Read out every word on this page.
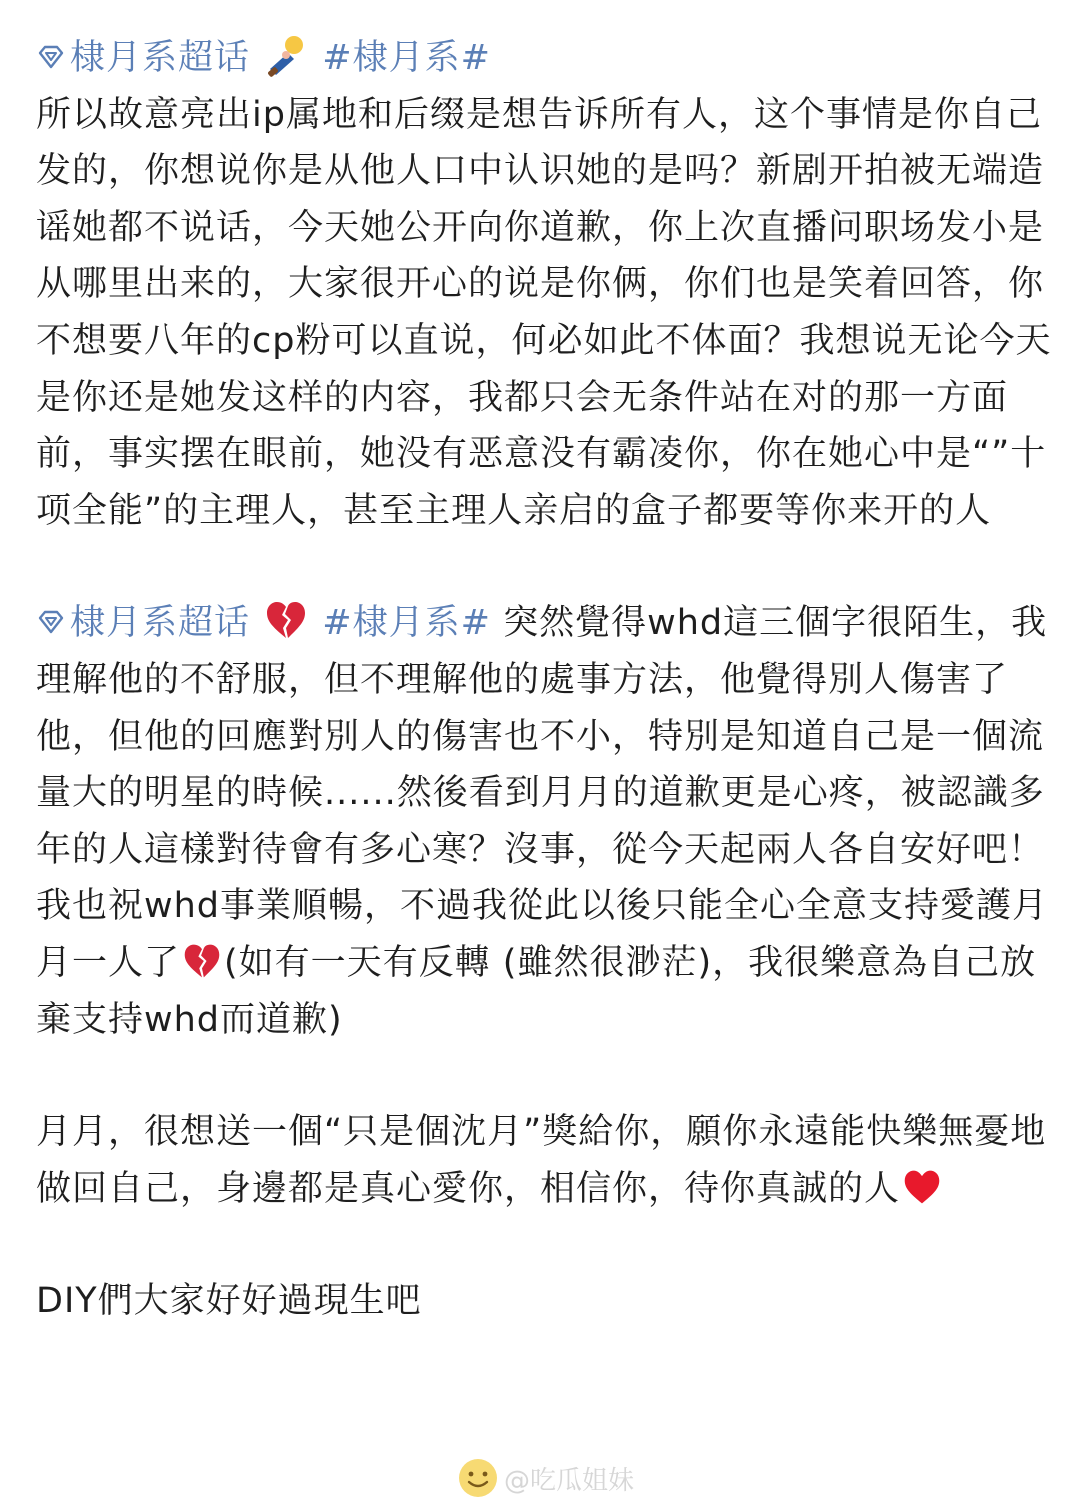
棣月系超话 #棣月系#
所以故意亮出ip属地和后缀是想告诉所有人，这个事情是你自己发的，你想说你是从他人口中认识她的是吗？新剧开拍被无端造谣她都不说话，今天她公开向你道歉，你上次直播问职场发小是从哪里出来的，大家很开心的说是你俩，你们也是笑着回答，你不想要八年的cp粉可以直说，何必如此不体面？我想说无论今天是你还是她发这样的内容，我都只会无条件站在对的那一方面前，事实摆在眼前，她没有恶意没有霸凌你，你在她心中是“”十项全能”的主理人，甚至主理人亲启的盒子都要等你来开的人

棣月系超话 #棣月系# 突然覺得whd這三個字很陌生，我理解他的不舒服，但不理解他的處事方法，他覺得別人傷害了他，但他的回應對別人的傷害也不小，特別是知道自己是一個流量大的明星的時候......然後看到月月的道歉更是心疼，被認識多年的人這樣對待會有多心寒？沒事，從今天起兩人各自安好吧！我也祝whd事業順暢，不過我從此以後只能全心全意支持愛護月月一人了 (如有一天有反轉 (雖然很渺茫)，我很樂意為自己放棄支持whd而道歉)

月月，很想送一個“只是個沈月”獎給你，願你永遠能快樂無憂地做回自己，身邊都是真心愛你，相信你，待你真誠的人

DIY們大家好好過現生吧

@吃瓜姐妹
